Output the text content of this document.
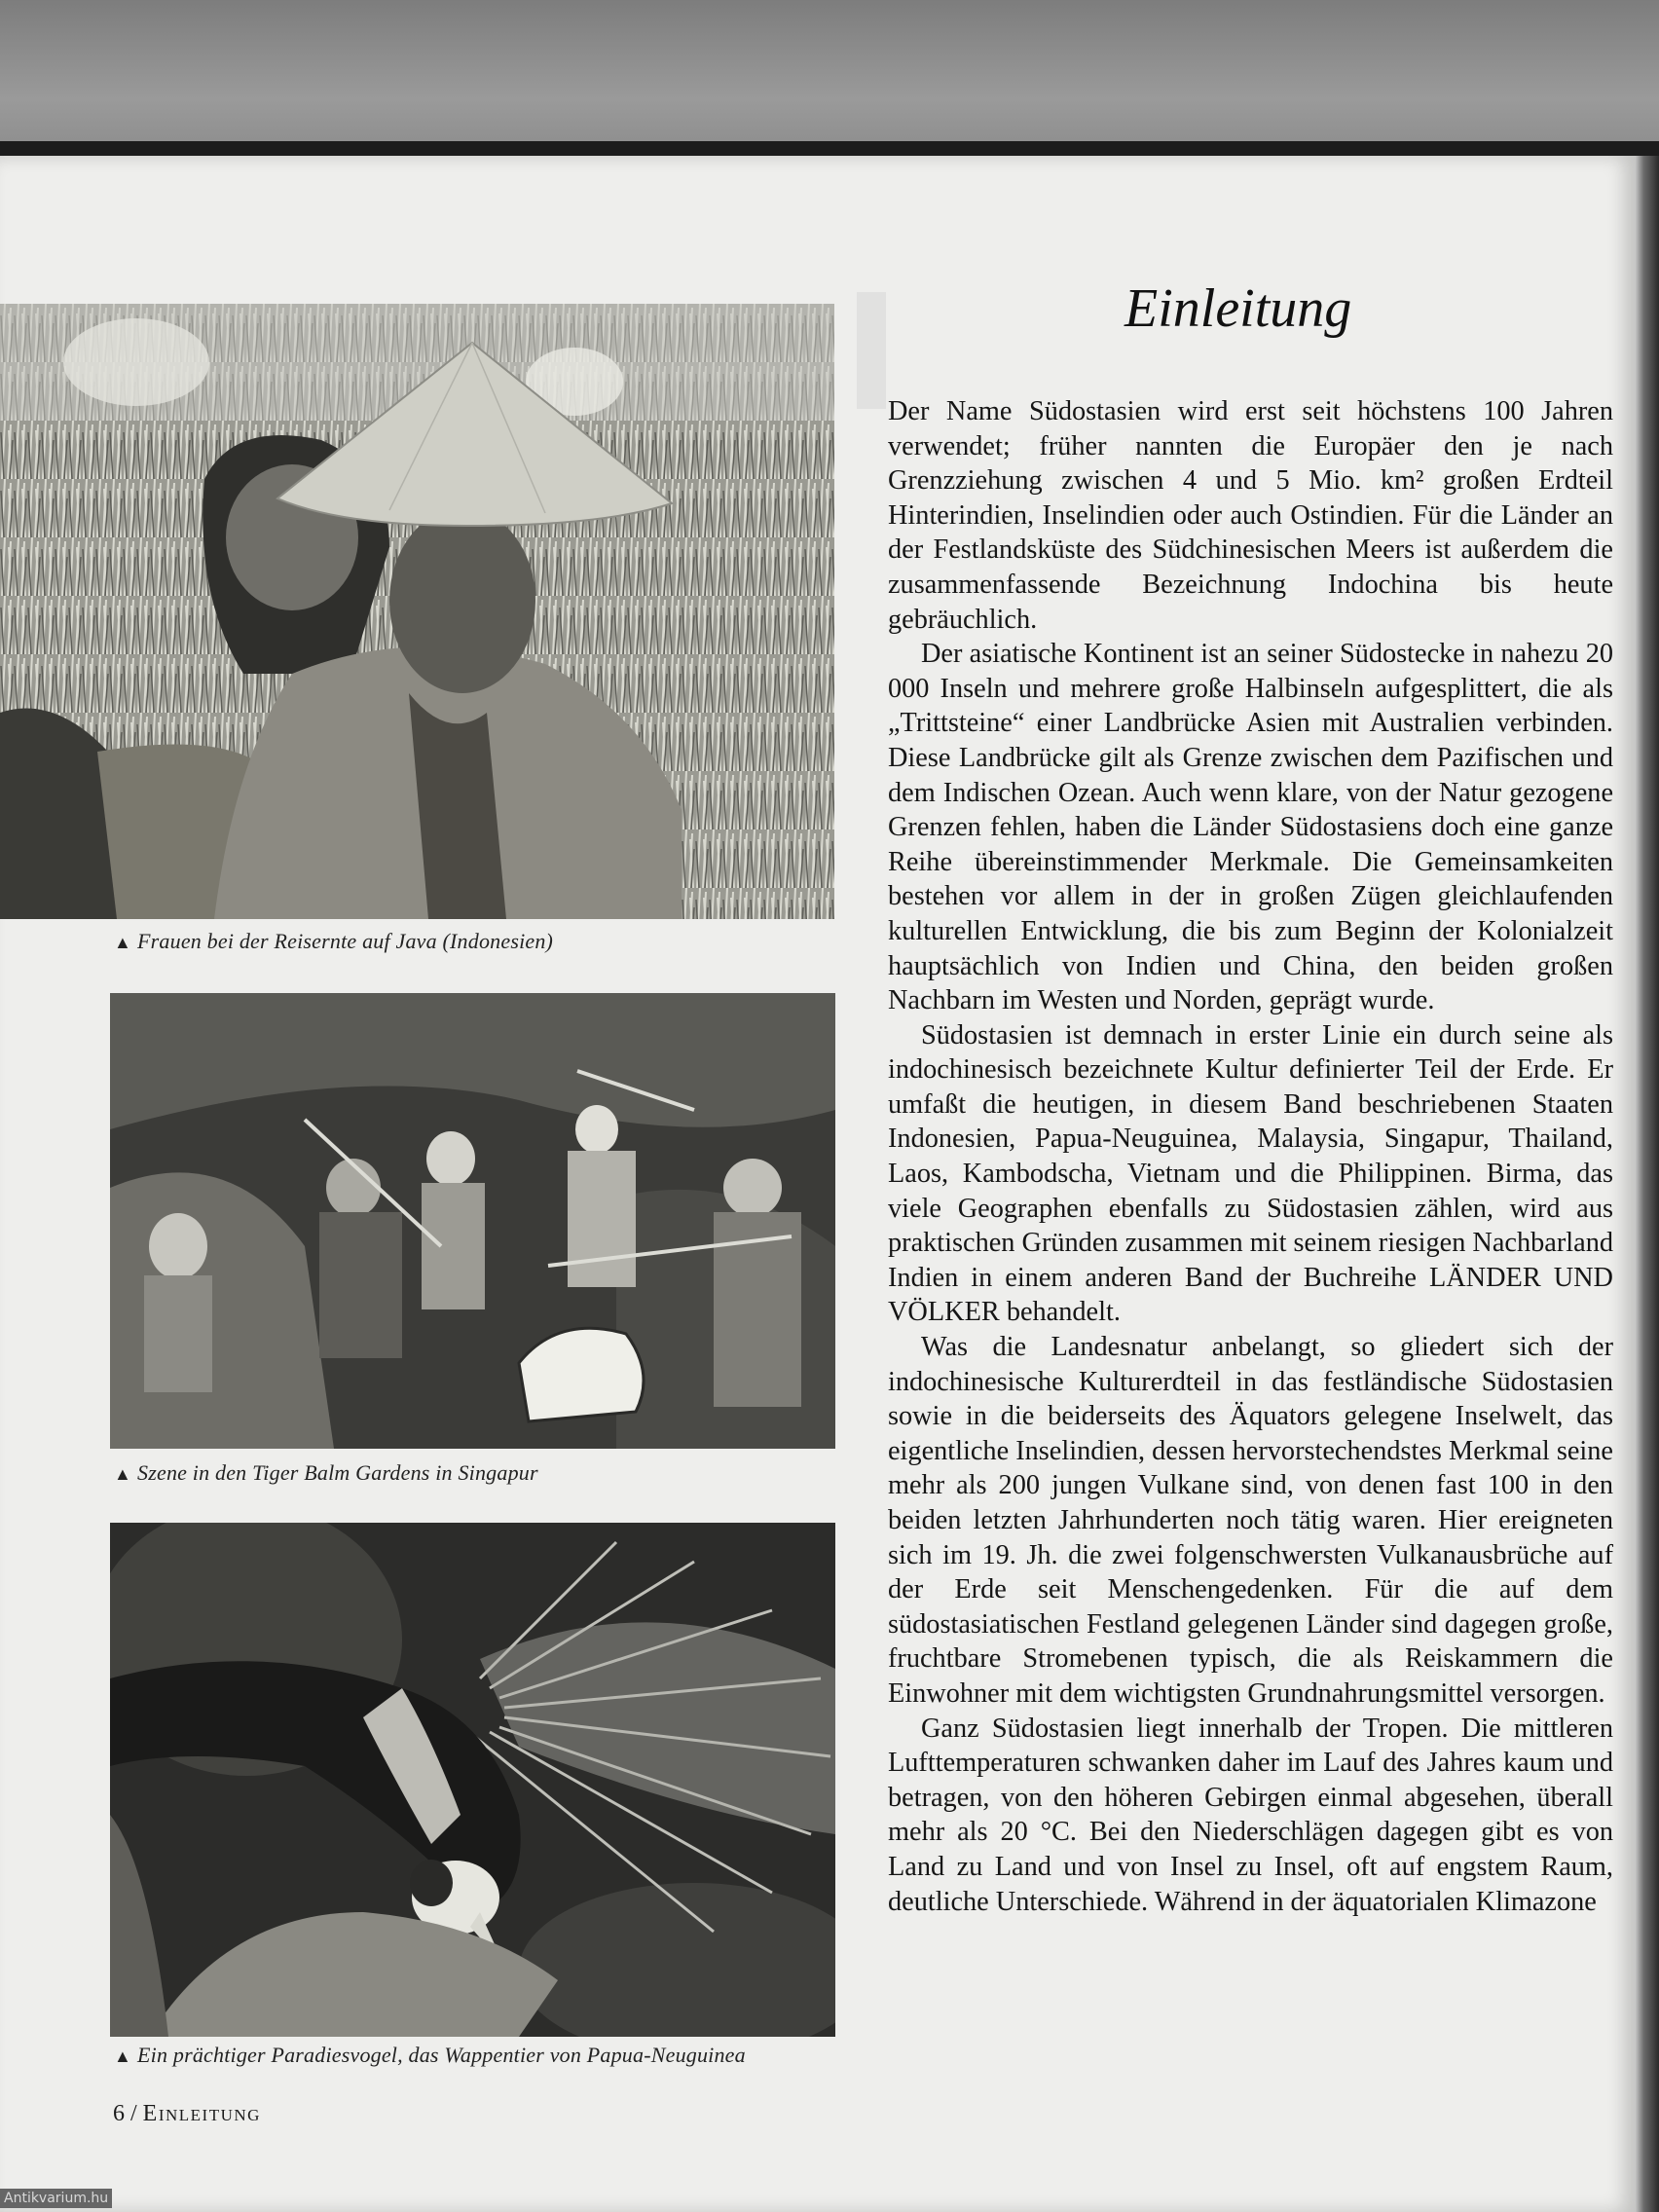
▲ Frauen bei der Reisernte auf Java (Indonesien)
▲ Szene in den Tiger Balm Gardens in Singapur
▲ Ein prächtiger Paradiesvogel, das Wappentier von Papua-Neuguinea
Einleitung

Der Name Südostasien wird erst seit höchstens 100 Jahren verwendet; früher nannten die Europäer den je nach Grenzziehung zwischen 4 und 5 Mio. km² großen Erdteil Hinterindien, Inselindien oder auch Ostindien. Für die Länder an der Festlandsküste des Südchinesischen Meers ist außerdem die zusammenfassende Bezeichnung Indochina bis heute gebräuchlich.

Der asiatische Kontinent ist an seiner Südostecke in nahezu 20 000 Inseln und mehrere große Halbinseln aufgesplittert, die als „Trittsteine“ einer Landbrücke Asien mit Australien verbinden. Diese Landbrücke gilt als Grenze zwischen dem Pazifischen und dem Indischen Ozean. Auch wenn klare, von der Natur gezogene Grenzen fehlen, haben die Länder Südostasiens doch eine ganze Reihe übereinstimmender Merkmale. Die Gemeinsamkeiten bestehen vor allem in der in großen Zügen gleichlaufenden kulturellen Entwicklung, die bis zum Beginn der Kolonialzeit hauptsächlich von Indien und China, den beiden großen Nachbarn im Westen und Norden, geprägt wurde.

Südostasien ist demnach in erster Linie ein durch seine als indochinesisch bezeichnete Kultur definierter Teil der Erde. Er umfaßt die heutigen, in diesem Band beschriebenen Staaten Indonesien, Papua-Neuguinea, Malaysia, Singapur, Thailand, Laos, Kambodscha, Vietnam und die Philippinen. Birma, das viele Geographen ebenfalls zu Südostasien zählen, wird aus praktischen Gründen zusammen mit seinem riesigen Nachbarland Indien in einem anderen Band der Buchreihe LÄNDER UND VÖLKER behandelt.

Was die Landesnatur anbelangt, so gliedert sich der indochinesische Kulturerdteil in das festländische Südostasien sowie in die beiderseits des Äquators gelegene Inselwelt, das eigentliche Inselindien, dessen hervorstechendstes Merkmal seine mehr als 200 jungen Vulkane sind, von denen fast 100 in den beiden letzten Jahrhunderten noch tätig waren. Hier ereigneten sich im 19. Jh. die zwei folgenschwersten Vulkanausbrüche auf der Erde seit Menschengedenken. Für die auf dem südostasiatischen Festland gelegenen Länder sind dagegen große, fruchtbare Stromebenen typisch, die als Reiskammern die Einwohner mit dem wichtigsten Grundnahrungsmittel versorgen.

Ganz Südostasien liegt innerhalb der Tropen. Die mittleren Lufttemperaturen schwanken daher im Lauf des Jahres kaum und betragen, von den höheren Gebirgen einmal abgesehen, überall mehr als 20 °C. Bei den Niederschlägen dagegen gibt es von Land zu Land und von Insel zu Insel, oft auf engstem Raum, deutliche Unterschiede. Während in der äquatorialen Klimazone

6 / Einleitung
Antikvarium.hu
